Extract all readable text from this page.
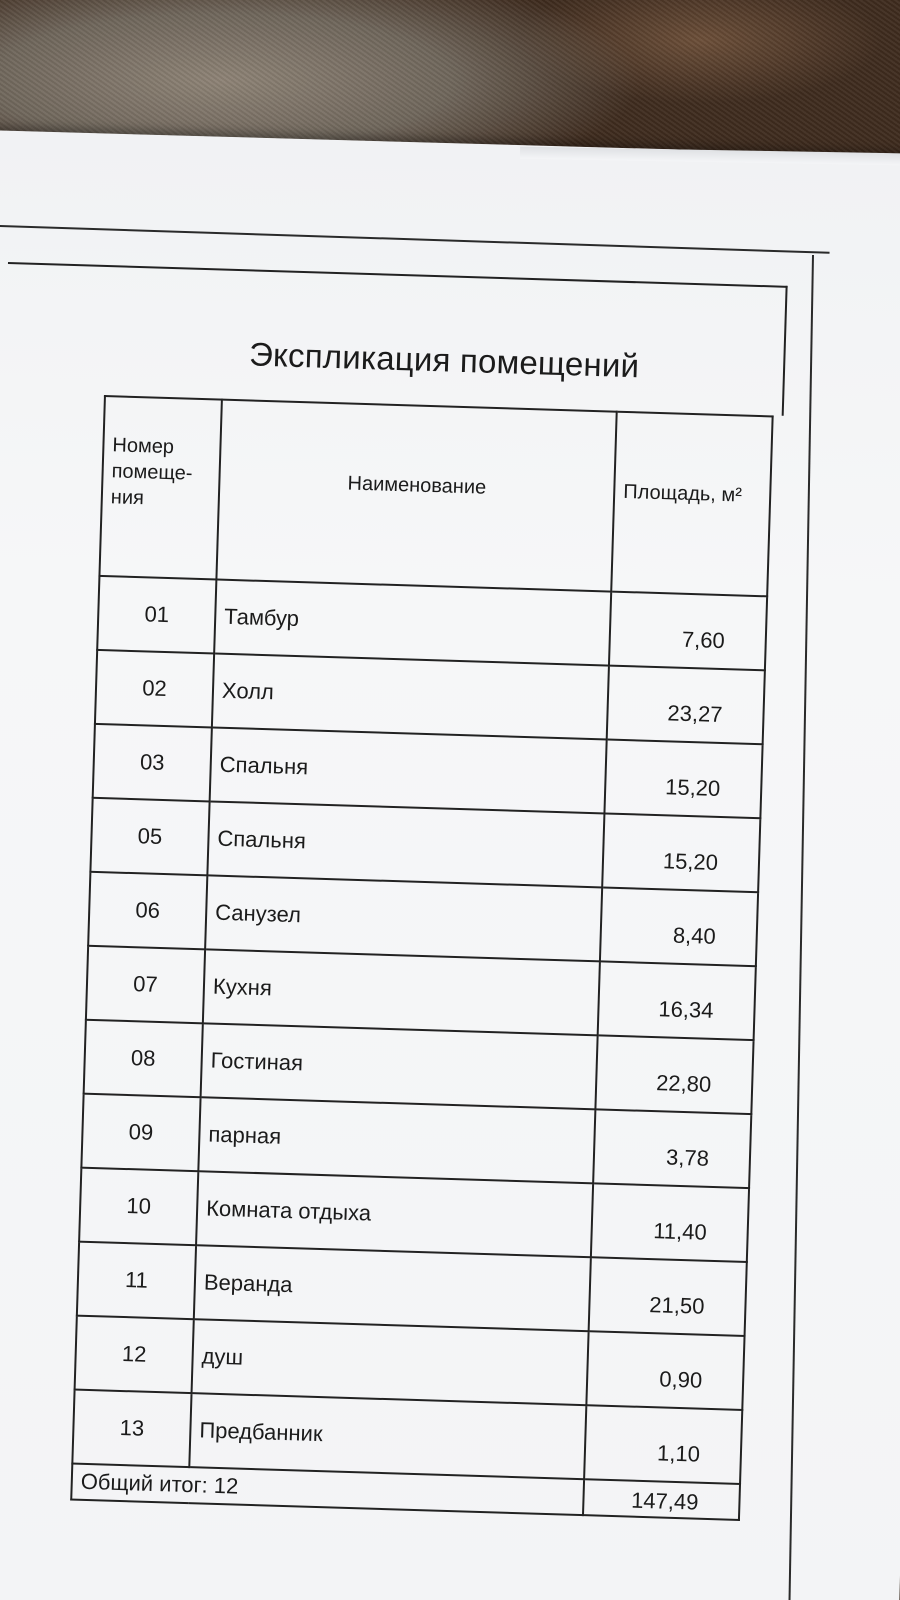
Экспликация помещений
Номер
помеще-
ния	Наименование	Площадь, м²
01	Тамбур	7,60
02	Холл	23,27
03	Спальня	15,20
05	Спальня	15,20
06	Санузел	8,40
07	Кухня	16,34
08	Гостиная	22,80
09	парная	3,78
10	Комната отдыха	11,40
11	Веранда	21,50
12	душ	0,90
13	Предбанник	1,10
Общий итог: 12		147,49
